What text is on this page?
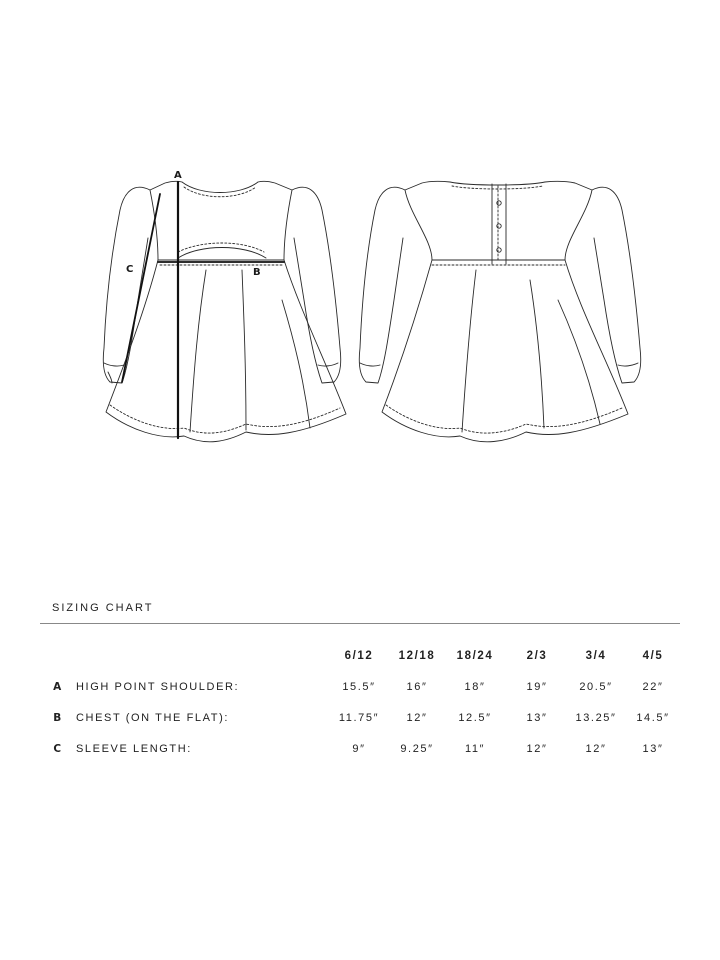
A
B
C
SIZING CHART
		6/12	12/18	18/24	2/3	3/4	4/5
A	HIGH POINT SHOULDER:	15.5″	16″	18″	19″	20.5″	22″
B	CHEST (ON THE FLAT):	11.75″	12″	12.5″	13″	13.25″	14.5″
C	SLEEVE LENGTH:	9″	9.25″	11″	12″	12″	13″
